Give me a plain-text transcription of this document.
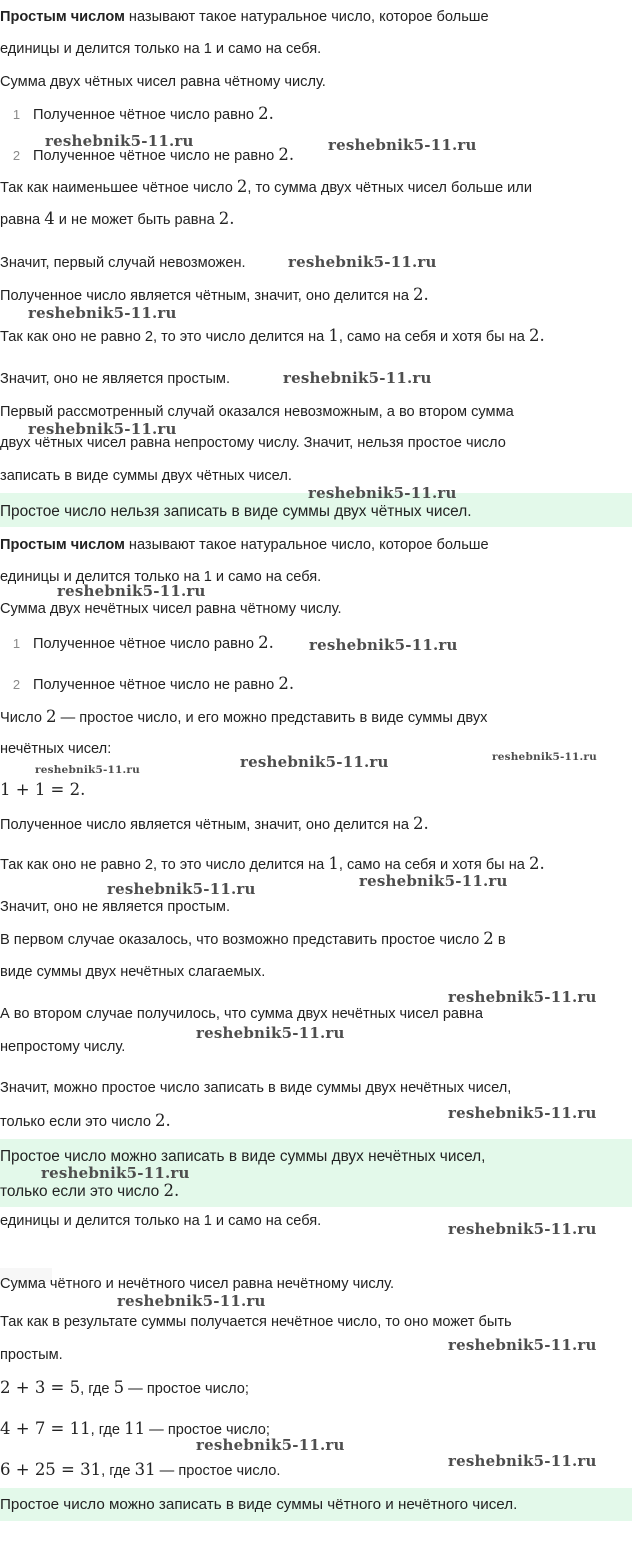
Простым числом называют такое натуральное число, которое больше
единицы и делится только на 1 и само на себя.
Сумма двух чётных чисел равна чётному числу.
1 Полученное чётное число равно 2.
2 Полученное чётное число не равно 2.
Так как наименьшее чётное число 2, то сумма двух чётных чисел больше или
равна 4 и не может быть равна 2.
Значит, первый случай невозможен.
Полученное число является чётным, значит, оно делится на 2.
Так как оно не равно 2, то это число делится на 1, само на себя и хотя бы на 2.
Значит, оно не является простым.
Первый рассмотренный случай оказался невозможным, а во втором сумма
двух чётных чисел равна непростому числу. Значит, нельзя простое число
записать в виде суммы двух чётных чисел.
Простое число нельзя записать в виде суммы двух чётных чисел.
Простым числом называют такое натуральное число, которое больше
единицы и делится только на 1 и само на себя.
Сумма двух нечётных чисел равна чётному числу.
1 Полученное чётное число равно 2.
2 Полученное чётное число не равно 2.
Число 2 — простое число, и его можно представить в виде суммы двух
нечётных чисел:
1 + 1 = 2.
Полученное число является чётным, значит, оно делится на 2.
Так как оно не равно 2, то это число делится на 1, само на себя и хотя бы на 2.
Значит, оно не является простым.
В первом случае оказалось, что возможно представить простое число 2 в
виде суммы двух нечётных слагаемых.
А во втором случае получилось, что сумма двух нечётных чисел равна
непростому числу.
Значит, можно простое число записать в виде суммы двух нечётных чисел,
только если это число 2.
Простое число можно записать в виде суммы двух нечётных чисел,
только если это число 2.
единицы и делится только на 1 и само на себя.
Сумма чётного и нечётного чисел равна нечётному числу.
Так как в результате суммы получается нечётное число, то оно может быть
простым.
2 + 3 = 5, где 5 — простое число;
4 + 7 = 11, где 11 — простое число;
6 + 25 = 31, где 31 — простое число.
Простое число можно записать в виде суммы чётного и нечётного чисел.
reshebnik5-11.ru	reshebnik5-11.ru
reshebnik5-11.ru
reshebnik5-11.ru
reshebnik5-11.ru
reshebnik5-11.ru
reshebnik5-11.ru
reshebnik5-11.ru
reshebnik5-11.ru
reshebnik5-11.ru
reshebnik5-11.ru
reshebnik5-11.ru
reshebnik5-11.ru	reshebnik5-11.ru
reshebnik5-11.ru
reshebnik5-11.ru
reshebnik5-11.ru
reshebnik5-11.ru
reshebnik5-11.ru
reshebnik5-11.ru
reshebnik5-11.ru
reshebnik5-11.ru
reshebnik5-11.ru
